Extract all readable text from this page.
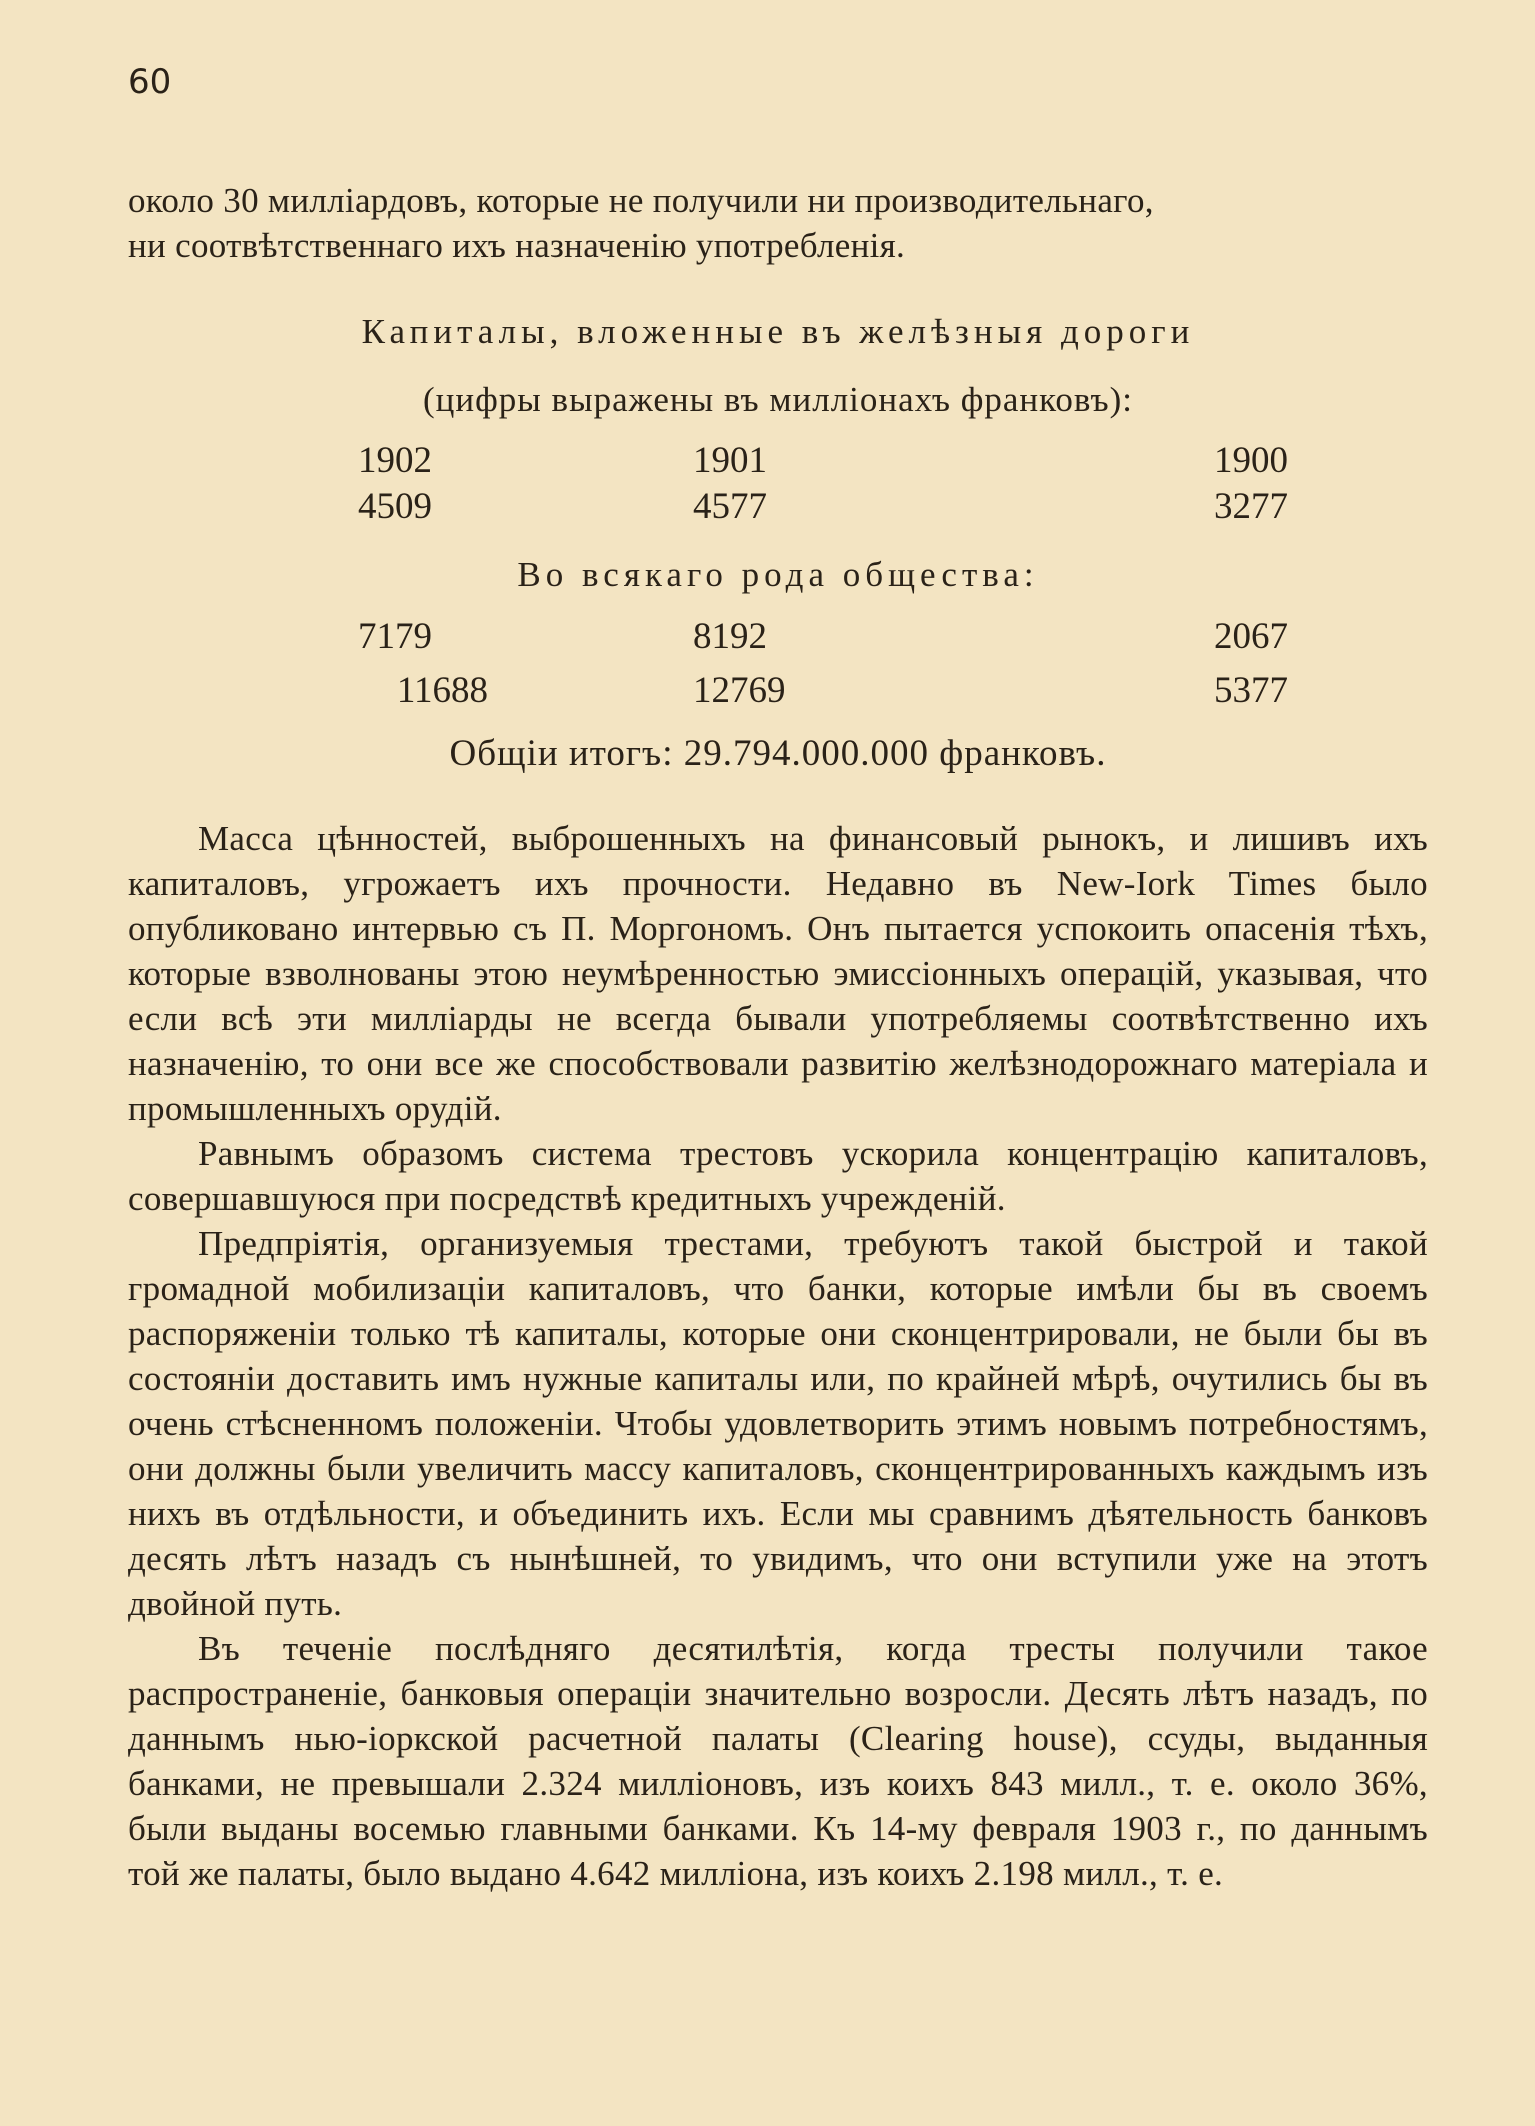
60

около 30 милліардовъ, которые не получили ни производительнаго,

ни соотвѣтственнаго ихъ назначенію употребленія.

Капиталы, вложенные въ желѣзныя дороги
(цифры выражены въ милліонахъ франковъ):
1902	1901	1900
4509	4577	3277
Во всякаго рода общества:
7179	8192	2067
11688	12769	5377
Общіи итогъ: 29.794.000.000 франковъ.

Масса цѣнностей, выброшенныхъ на финансовый рынокъ, и лишивъ ихъ капиталовъ, угрожаетъ ихъ прочности. Недавно въ New-Iork Times было опубликовано интервью съ П. Моргономъ. Онъ пытается успокоить опасенія тѣхъ, которые взволнованы этою неумѣренностью эмиссіонныхъ операцій, указывая, что если всѣ эти милліарды не всегда бывали употребляемы соотвѣтственно ихъ назначенію, то они все же способствовали развитію желѣзнодорожнаго матеріала и промышленныхъ орудій.

Равнымъ образомъ система трестовъ ускорила концентрацію капиталовъ, совершавшуюся при посредствѣ кредитныхъ учрежденій.

Предпріятія, организуемыя трестами, требуютъ такой быстрой и такой громадной мобилизаціи капиталовъ, что банки, которые имѣли бы въ своемъ распоряженіи только тѣ капиталы, которые они сконцентрировали, не были бы въ состояніи доставить имъ нужные капиталы или, по крайней мѣрѣ, очутились бы въ очень стѣсненномъ положеніи. Чтобы удовлетворить этимъ новымъ потребностямъ, они должны были увеличить массу капиталовъ, сконцентрированныхъ каждымъ изъ нихъ въ отдѣльности, и объединить ихъ. Если мы сравнимъ дѣятельность банковъ десять лѣтъ назадъ съ нынѣшней, то увидимъ, что они вступили уже на этотъ двойной путь.

Въ теченіе послѣдняго десятилѣтія, когда тресты получили такое распространеніе, банковыя операціи значительно возросли. Десять лѣтъ назадъ, по даннымъ нью-іоркской расчетной палаты (Clearing house), ссуды, выданныя банками, не превышали 2.324 милліоновъ, изъ коихъ 843 милл., т. е. около 36%, были выданы восемью главными банками. Къ 14-му февраля 1903 г., по даннымъ той же палаты, было выдано 4.642 милліона, изъ коихъ 2.198 милл., т. е.
